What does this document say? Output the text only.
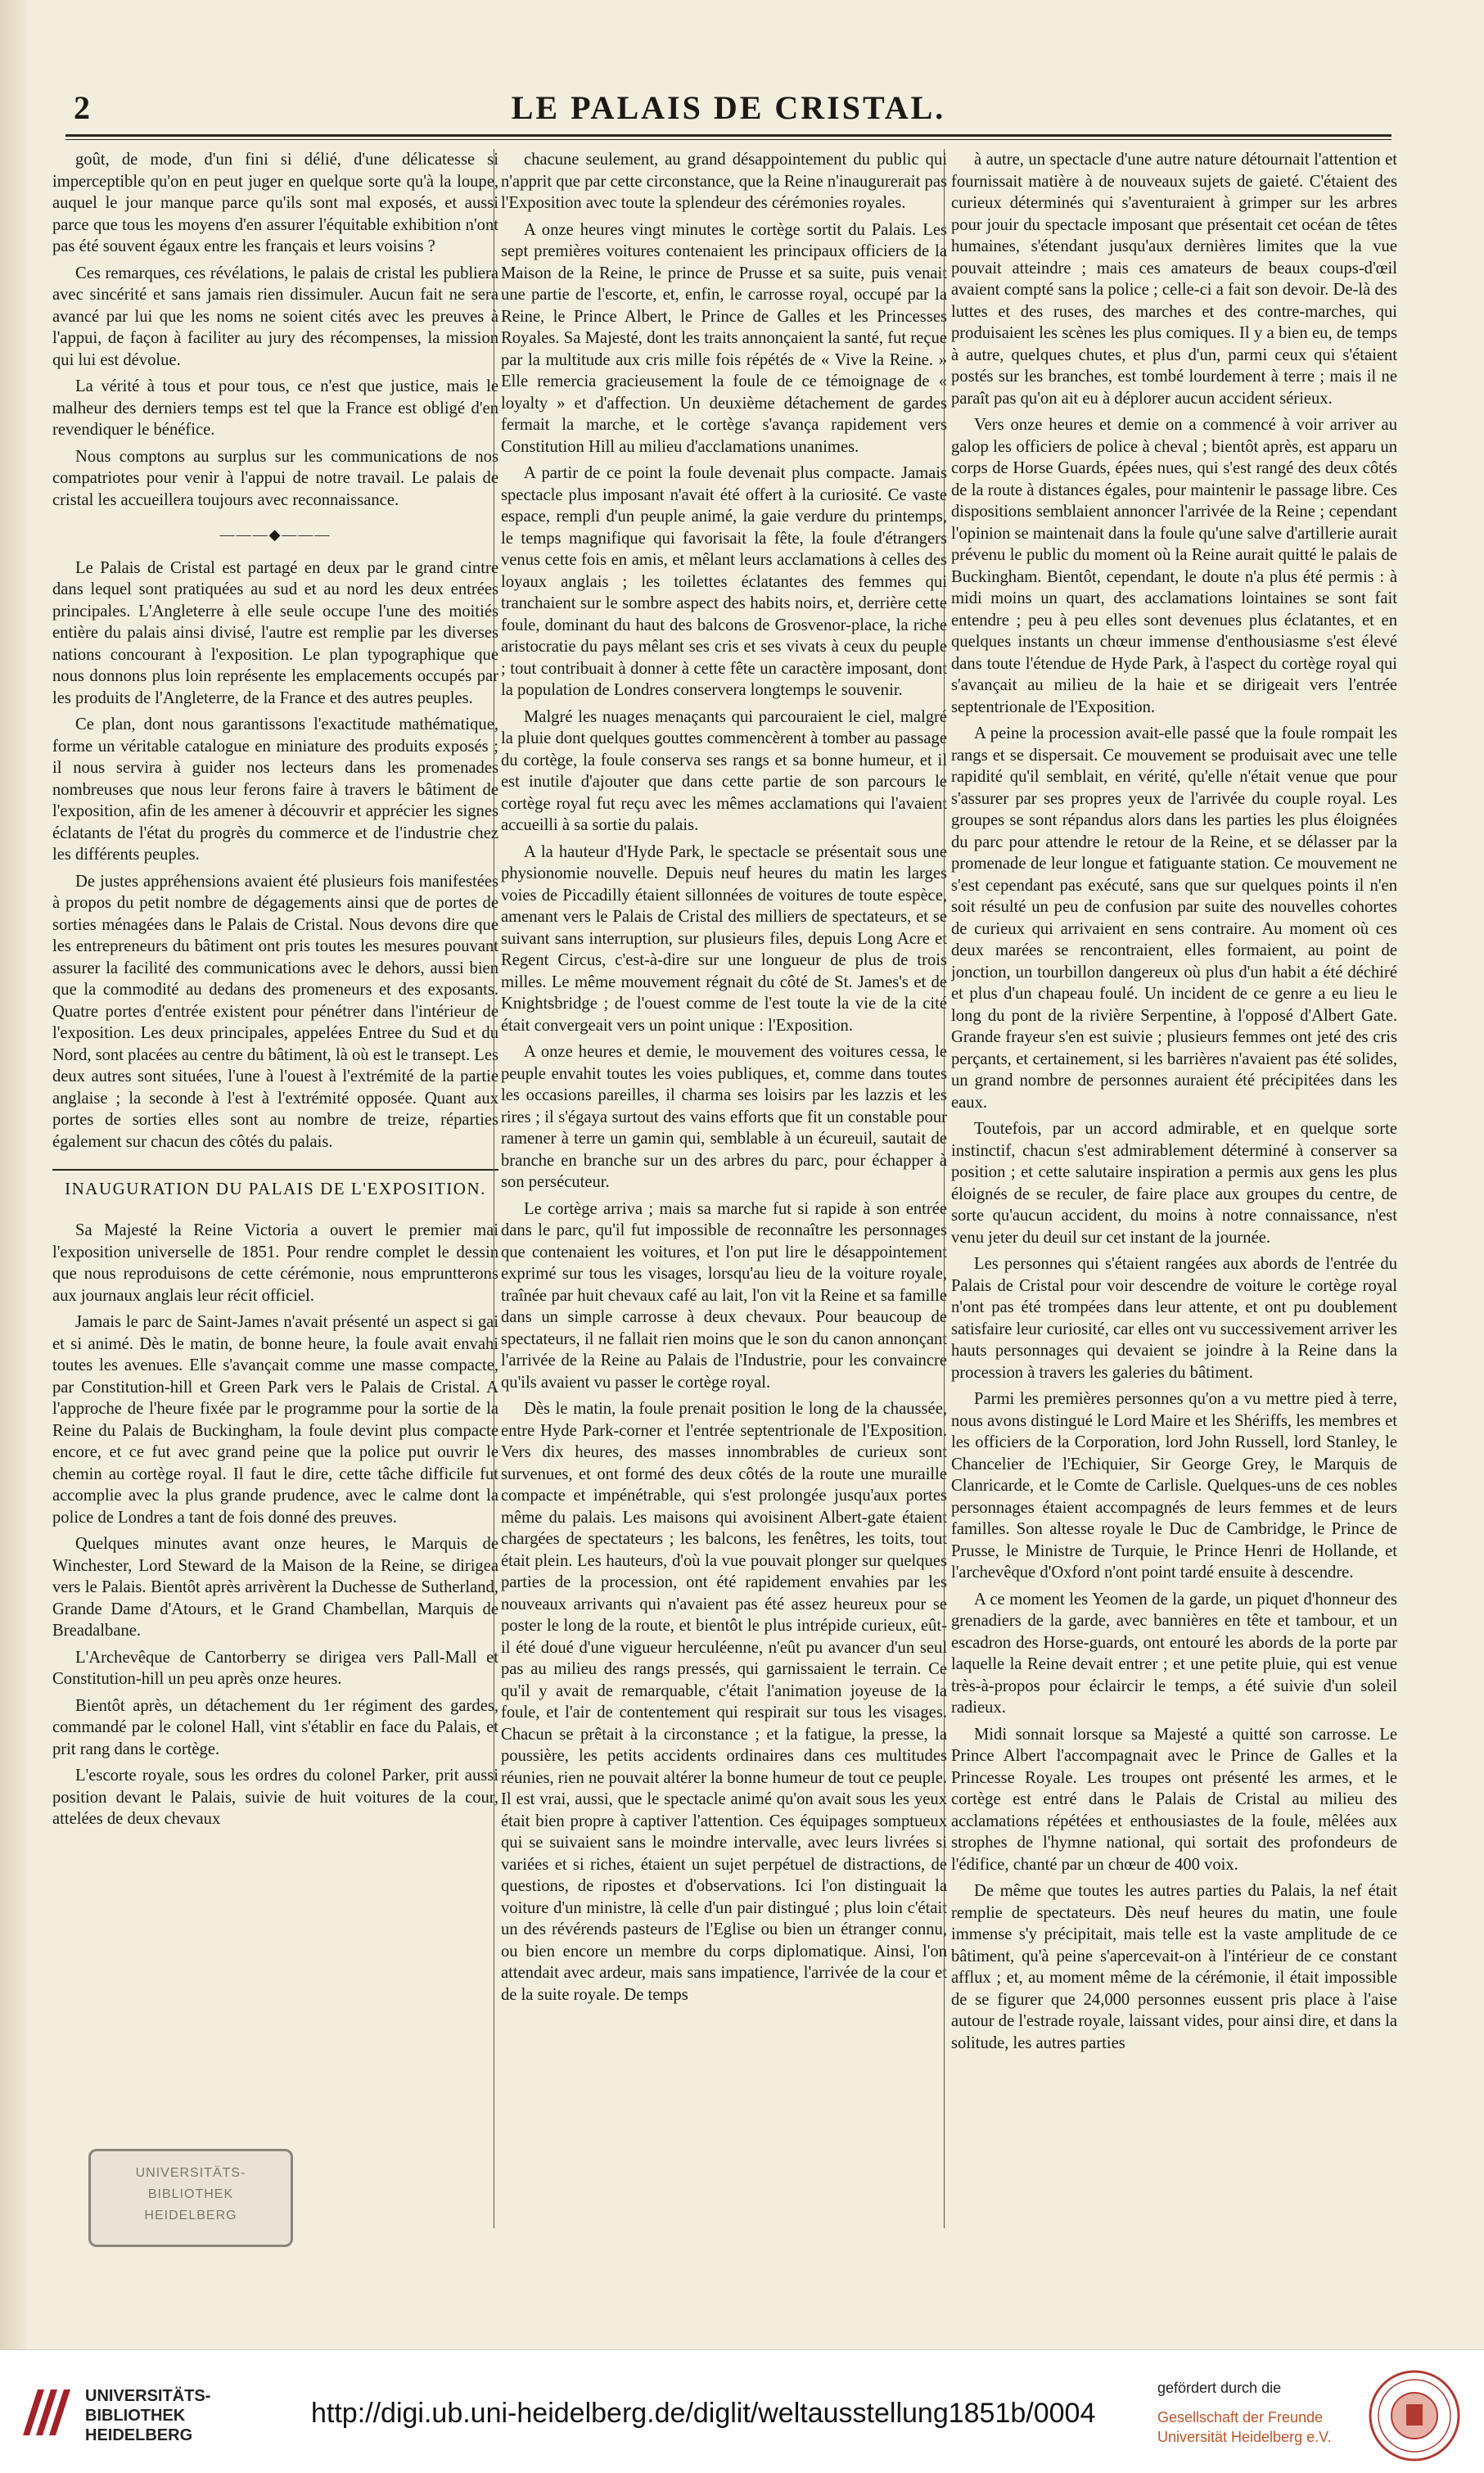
2	LE PALAIS DE CRISTAL.

goût, de mode, d'un fini si délié, d'une délicatesse si imperceptible qu'on en peut juger en quelque sorte qu'à la loupe, auquel le jour manque parce qu'ils sont mal exposés, et aussi parce que tous les moyens d'en assurer l'équitable exhibition n'ont pas été souvent égaux entre les français et leurs voisins ?

Ces remarques, ces révélations, le palais de cristal les publiera avec sincérité et sans jamais rien dissimuler. Aucun fait ne sera avancé par lui que les noms ne soient cités avec les preuves à l'appui, de façon à faciliter au jury des récompenses, la mission qui lui est dévolue.

La vérité à tous et pour tous, ce n'est que justice, mais le malheur des derniers temps est tel que la France est obligé d'en revendiquer le bénéfice.

Nous comptons au surplus sur les communications de nos compatriotes pour venir à l'appui de notre travail. Le palais de cristal les accueillera toujours avec reconnaissance.

———◆———

Le Palais de Cristal est partagé en deux par le grand cintre dans lequel sont pratiquées au sud et au nord les deux entrées principales. L'Angleterre à elle seule occupe l'une des moitiés entière du palais ainsi divisé, l'autre est remplie par les diverses nations concourant à l'exposition. Le plan typographique que nous donnons plus loin représente les emplacements occupés par les produits de l'Angleterre, de la France et des autres peuples.

Ce plan, dont nous garantissons l'exactitude mathématique, forme un véritable catalogue en miniature des produits exposés ; il nous servira à guider nos lecteurs dans les promenades nombreuses que nous leur ferons faire à travers le bâtiment de l'exposition, afin de les amener à découvrir et apprécier les signes éclatants de l'état du progrès du commerce et de l'industrie chez les différents peuples.

De justes appréhensions avaient été plusieurs fois manifestées à propos du petit nombre de dégagements ainsi que de portes de sorties ménagées dans le Palais de Cristal. Nous devons dire que les entrepreneurs du bâtiment ont pris toutes les mesures pouvant assurer la facilité des communications avec le dehors, aussi bien que la commodité au dedans des promeneurs et des exposants. Quatre portes d'entrée existent pour pénétrer dans l'intérieur de l'exposition. Les deux principales, appelées Entree du Sud et du Nord, sont placées au centre du bâtiment, là où est le transept. Les deux autres sont situées, l'une à l'ouest à l'extrémité de la partie anglaise ; la seconde à l'est à l'extrémité opposée. Quant aux portes de sorties elles sont au nombre de treize, réparties également sur chacun des côtés du palais.

INAUGURATION DU PALAIS DE L'EXPOSITION.

Sa Majesté la Reine Victoria a ouvert le premier mai l'exposition universelle de 1851. Pour rendre complet le dessin que nous reproduisons de cette cérémonie, nous empruntterons aux journaux anglais leur récit officiel.

Jamais le parc de Saint-James n'avait présenté un aspect si gai et si animé. Dès le matin, de bonne heure, la foule avait envahi toutes les avenues. Elle s'avançait comme une masse compacte, par Constitution-hill et Green Park vers le Palais de Cristal. A l'approche de l'heure fixée par le programme pour la sortie de la Reine du Palais de Buckingham, la foule devint plus compacte encore, et ce fut avec grand peine que la police put ouvrir le chemin au cortège royal. Il faut le dire, cette tâche difficile fut accomplie avec la plus grande prudence, avec le calme dont la police de Londres a tant de fois donné des preuves.

Quelques minutes avant onze heures, le Marquis de Winchester, Lord Steward de la Maison de la Reine, se dirigea vers le Palais. Bientôt après arrivèrent la Duchesse de Sutherland, Grande Dame d'Atours, et le Grand Chambellan, Marquis de Breadalbane.

L'Archevêque de Cantorberry se dirigea vers Pall-Mall et Constitution-hill un peu après onze heures.

Bientôt après, un détachement du 1er régiment des gardes, commandé par le colonel Hall, vint s'établir en face du Palais, et prit rang dans le cortège.

L'escorte royale, sous les ordres du colonel Parker, prit aussi position devant le Palais, suivie de huit voitures de la cour, attelées de deux chevaux

chacune seulement, au grand désappointement du public qui n'apprit que par cette circonstance, que la Reine n'inaugurerait pas l'Exposition avec toute la splendeur des cérémonies royales.

A onze heures vingt minutes le cortège sortit du Palais. Les sept premières voitures contenaient les principaux officiers de la Maison de la Reine, le prince de Prusse et sa suite, puis venait une partie de l'escorte, et, enfin, le carrosse royal, occupé par la Reine, le Prince Albert, le Prince de Galles et les Princesses Royales. Sa Majesté, dont les traits annonçaient la santé, fut reçue par la multitude aux cris mille fois répétés de « Vive la Reine. » Elle remercia gracieusement la foule de ce témoignage de « loyalty » et d'affection. Un deuxième détachement de gardes fermait la marche, et le cortège s'avança rapidement vers Constitution Hill au milieu d'acclamations unanimes.

A partir de ce point la foule devenait plus compacte. Jamais spectacle plus imposant n'avait été offert à la curiosité. Ce vaste espace, rempli d'un peuple animé, la gaie verdure du printemps, le temps magnifique qui favorisait la fête, la foule d'étrangers venus cette fois en amis, et mêlant leurs acclamations à celles des loyaux anglais ; les toilettes éclatantes des femmes qui tranchaient sur le sombre aspect des habits noirs, et, derrière cette foule, dominant du haut des balcons de Grosvenor-place, la riche aristocratie du pays mêlant ses cris et ses vivats à ceux du peuple ; tout contribuait à donner à cette fête un caractère imposant, dont la population de Londres conservera longtemps le souvenir.

Malgré les nuages menaçants qui parcouraient le ciel, malgré la pluie dont quelques gouttes commencèrent à tomber au passage du cortège, la foule conserva ses rangs et sa bonne humeur, et il est inutile d'ajouter que dans cette partie de son parcours le cortège royal fut reçu avec les mêmes acclamations qui l'avaient accueilli à sa sortie du palais.

A la hauteur d'Hyde Park, le spectacle se présentait sous une physionomie nouvelle. Depuis neuf heures du matin les larges voies de Piccadilly étaient sillonnées de voitures de toute espèce, amenant vers le Palais de Cristal des milliers de spectateurs, et se suivant sans interruption, sur plusieurs files, depuis Long Acre et Regent Circus, c'est-à-dire sur une longueur de plus de trois milles. Le même mouvement régnait du côté de St. James's et de Knightsbridge ; de l'ouest comme de l'est toute la vie de la cité était convergeait vers un point unique : l'Exposition.

A onze heures et demie, le mouvement des voitures cessa, le peuple envahit toutes les voies publiques, et, comme dans toutes les occasions pareilles, il charma ses loisirs par les lazzis et les rires ; il s'égaya surtout des vains efforts que fit un constable pour ramener à terre un gamin qui, semblable à un écureuil, sautait de branche en branche sur un des arbres du parc, pour échapper à son persécuteur.

Le cortège arriva ; mais sa marche fut si rapide à son entrée dans le parc, qu'il fut impossible de reconnaître les personnages que contenaient les voitures, et l'on put lire le désappointement exprimé sur tous les visages, lorsqu'au lieu de la voiture royale, traînée par huit chevaux café au lait, l'on vit la Reine et sa famille dans un simple carrosse à deux chevaux. Pour beaucoup de spectateurs, il ne fallait rien moins que le son du canon annonçant l'arrivée de la Reine au Palais de l'Industrie, pour les convaincre qu'ils avaient vu passer le cortège royal.

Dès le matin, la foule prenait position le long de la chaussée, entre Hyde Park-corner et l'entrée septentrionale de l'Exposition. Vers dix heures, des masses innombrables de curieux sont survenues, et ont formé des deux côtés de la route une muraille compacte et impénétrable, qui s'est prolongée jusqu'aux portes même du palais. Les maisons qui avoisinent Albert-gate étaient chargées de spectateurs ; les balcons, les fenêtres, les toits, tout était plein. Les hauteurs, d'où la vue pouvait plonger sur quelques parties de la procession, ont été rapidement envahies par les nouveaux arrivants qui n'avaient pas été assez heureux pour se poster le long de la route, et bientôt le plus intrépide curieux, eût-il été doué d'une vigueur herculéenne, n'eût pu avancer d'un seul pas au milieu des rangs pressés, qui garnissaient le terrain. Ce qu'il y avait de remarquable, c'était l'animation joyeuse de la foule, et l'air de contentement qui respirait sur tous les visages. Chacun se prêtait à la circonstance ; et la fatigue, la presse, la poussière, les petits accidents ordinaires dans ces multitudes réunies, rien ne pouvait altérer la bonne humeur de tout ce peuple. Il est vrai, aussi, que le spectacle animé qu'on avait sous les yeux était bien propre à captiver l'attention. Ces équipages somptueux qui se suivaient sans le moindre intervalle, avec leurs livrées si variées et si riches, étaient un sujet perpétuel de distractions, de questions, de ripostes et d'observations. Ici l'on distinguait la voiture d'un ministre, là celle d'un pair distingué ; plus loin c'était un des révérends pasteurs de l'Eglise ou bien un étranger connu, ou bien encore un membre du corps diplomatique. Ainsi, l'on attendait avec ardeur, mais sans impatience, l'arrivée de la cour et de la suite royale. De temps

à autre, un spectacle d'une autre nature détournait l'attention et fournissait matière à de nouveaux sujets de gaieté. C'étaient des curieux déterminés qui s'aventuraient à grimper sur les arbres pour jouir du spectacle imposant que présentait cet océan de têtes humaines, s'étendant jusqu'aux dernières limites que la vue pouvait atteindre ; mais ces amateurs de beaux coups-d'œil avaient compté sans la police ; celle-ci a fait son devoir. De-là des luttes et des ruses, des marches et des contre-marches, qui produisaient les scènes les plus comiques. Il y a bien eu, de temps à autre, quelques chutes, et plus d'un, parmi ceux qui s'étaient postés sur les branches, est tombé lourdement à terre ; mais il ne paraît pas qu'on ait eu à déplorer aucun accident sérieux.

Vers onze heures et demie on a commencé à voir arriver au galop les officiers de police à cheval ; bientôt après, est apparu un corps de Horse Guards, épées nues, qui s'est rangé des deux côtés de la route à distances égales, pour maintenir le passage libre. Ces dispositions semblaient annoncer l'arrivée de la Reine ; cependant l'opinion se maintenait dans la foule qu'une salve d'artillerie aurait prévenu le public du moment où la Reine aurait quitté le palais de Buckingham. Bientôt, cependant, le doute n'a plus été permis : à midi moins un quart, des acclamations lointaines se sont fait entendre ; peu à peu elles sont devenues plus éclatantes, et en quelques instants un chœur immense d'enthousiasme s'est élevé dans toute l'étendue de Hyde Park, à l'aspect du cortège royal qui s'avançait au milieu de la haie et se dirigeait vers l'entrée septentrionale de l'Exposition.

A peine la procession avait-elle passé que la foule rompait les rangs et se dispersait. Ce mouvement se produisait avec une telle rapidité qu'il semblait, en vérité, qu'elle n'était venue que pour s'assurer par ses propres yeux de l'arrivée du couple royal. Les groupes se sont répandus alors dans les parties les plus éloignées du parc pour attendre le retour de la Reine, et se délasser par la promenade de leur longue et fatiguante station. Ce mouvement ne s'est cependant pas exécuté, sans que sur quelques points il n'en soit résulté un peu de confusion par suite des nouvelles cohortes de curieux qui arrivaient en sens contraire. Au moment où ces deux marées se rencontraient, elles formaient, au point de jonction, un tourbillon dangereux où plus d'un habit a été déchiré et plus d'un chapeau foulé. Un incident de ce genre a eu lieu le long du pont de la rivière Serpentine, à l'opposé d'Albert Gate. Grande frayeur s'en est suivie ; plusieurs femmes ont jeté des cris perçants, et certainement, si les barrières n'avaient pas été solides, un grand nombre de personnes auraient été précipitées dans les eaux.

Toutefois, par un accord admirable, et en quelque sorte instinctif, chacun s'est admirablement déterminé à conserver sa position ; et cette salutaire inspiration a permis aux gens les plus éloignés de se reculer, de faire place aux groupes du centre, de sorte qu'aucun accident, du moins à notre connaissance, n'est venu jeter du deuil sur cet instant de la journée.

Les personnes qui s'étaient rangées aux abords de l'entrée du Palais de Cristal pour voir descendre de voiture le cortège royal n'ont pas été trompées dans leur attente, et ont pu doublement satisfaire leur curiosité, car elles ont vu successivement arriver les hauts personnages qui devaient se joindre à la Reine dans la procession à travers les galeries du bâtiment.

Parmi les premières personnes qu'on a vu mettre pied à terre, nous avons distingué le Lord Maire et les Shériffs, les membres et les officiers de la Corporation, lord John Russell, lord Stanley, le Chancelier de l'Echiquier, Sir George Grey, le Marquis de Clanricarde, et le Comte de Carlisle. Quelques-uns de ces nobles personnages étaient accompagnés de leurs femmes et de leurs familles. Son altesse royale le Duc de Cambridge, le Prince de Prusse, le Ministre de Turquie, le Prince Henri de Hollande, et l'archevêque d'Oxford n'ont point tardé ensuite à descendre.

A ce moment les Yeomen de la garde, un piquet d'honneur des grenadiers de la garde, avec bannières en tête et tambour, et un escadron des Horse-guards, ont entouré les abords de la porte par laquelle la Reine devait entrer ; et une petite pluie, qui est venue très-à-propos pour éclaircir le temps, a été suivie d'un soleil radieux.

Midi sonnait lorsque sa Majesté a quitté son carrosse. Le Prince Albert l'accompagnait avec le Prince de Galles et la Princesse Royale. Les troupes ont présenté les armes, et le cortège est entré dans le Palais de Cristal au milieu des acclamations répétées et enthousiastes de la foule, mêlées aux strophes de l'hymne national, qui sortait des profondeurs de l'édifice, chanté par un chœur de 400 voix.

De même que toutes les autres parties du Palais, la nef était remplie de spectateurs. Dès neuf heures du matin, une foule immense s'y précipitait, mais telle est la vaste amplitude de ce bâtiment, qu'à peine s'apercevait-on à l'intérieur de ce constant afflux ; et, au moment même de la cérémonie, il était impossible de se figurer que 24,000 personnes eussent pris place à l'aise autour de l'estrade royale, laissant vides, pour ainsi dire, et dans la solitude, les autres parties

UNIVERSITÄTS-
BIBLIOTHEK
HEIDELBERG
UNIVERSITÄTS-
BIBLIOTHEK
HEIDELBERG
http://digi.ub.uni-heidelberg.de/diglit/weltausstellung1851b/0004
gefördert durch die
Gesellschaft der Freunde
Universität Heidelberg e.V.
